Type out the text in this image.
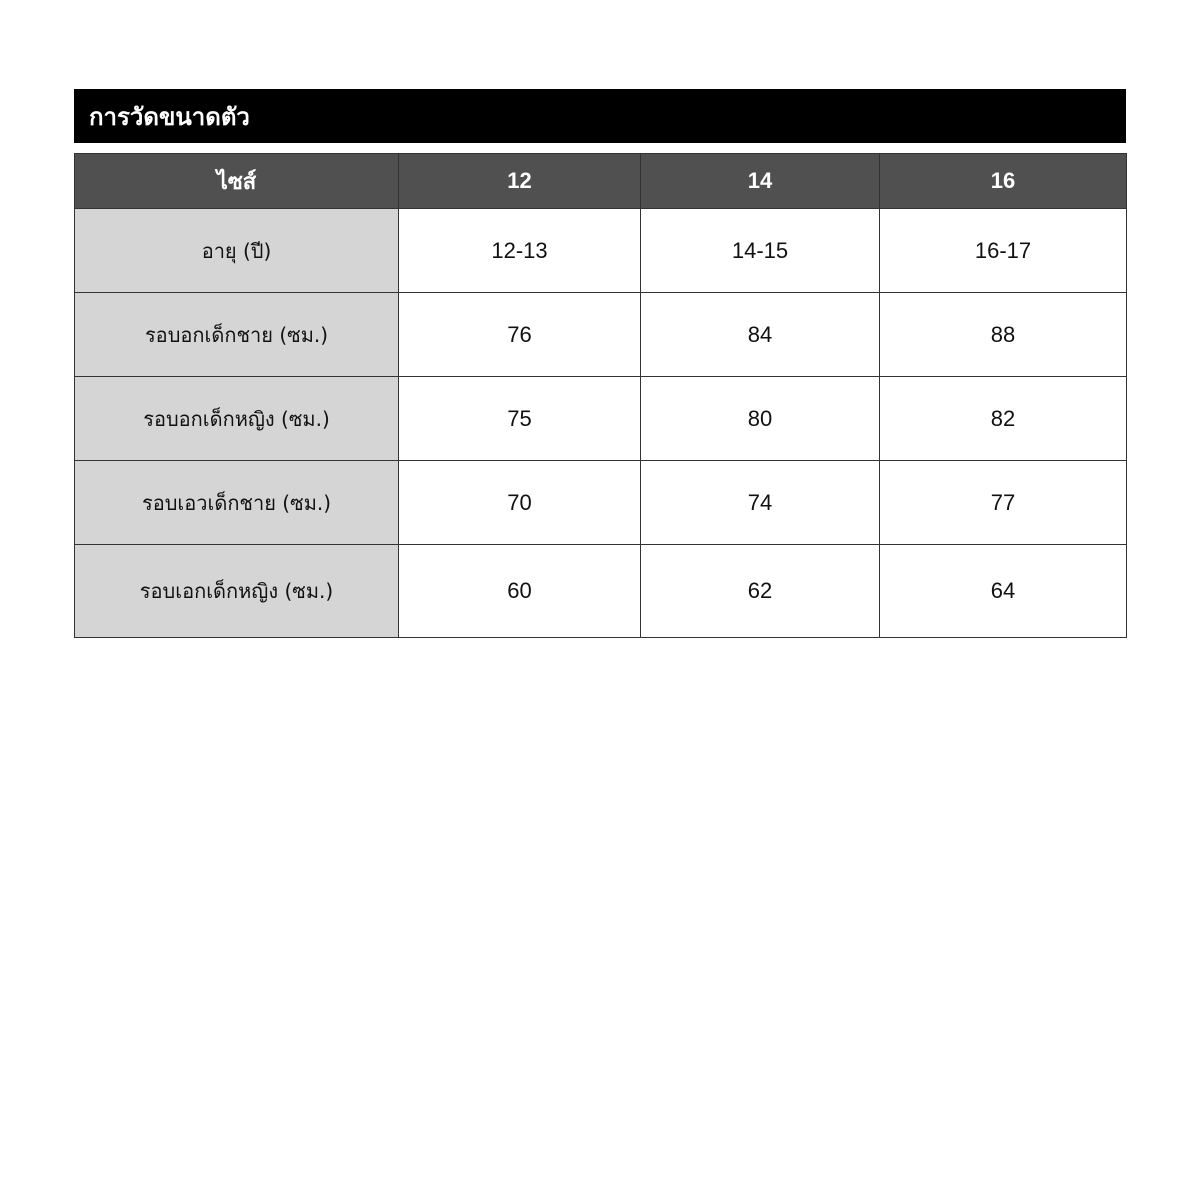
การวัดขนาดตัว
ไซส์	12	14	16
อายุ (ปี)	12-13	14-15	16-17
รอบอกเด็กชาย (ซม.)	76	84	88
รอบอกเด็กหญิง (ซม.)	75	80	82
รอบเอวเด็กชาย (ซม.)	70	74	77
รอบเอกเด็กหญิง (ซม.)	60	62	64
